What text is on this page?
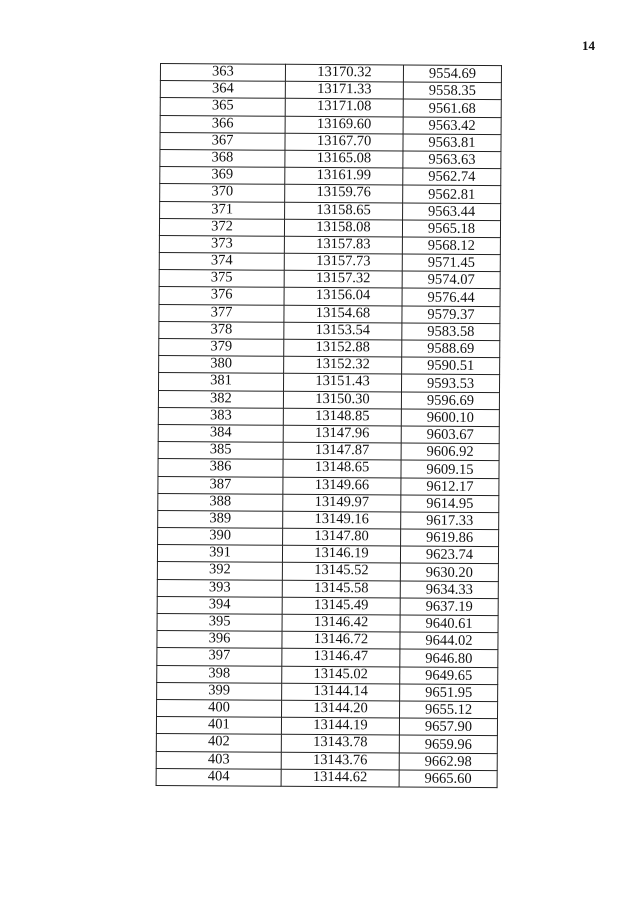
14
363	13170.32	9554.69
364	13171.33	9558.35
365	13171.08	9561.68
366	13169.60	9563.42
367	13167.70	9563.81
368	13165.08	9563.63
369	13161.99	9562.74
370	13159.76	9562.81
371	13158.65	9563.44
372	13158.08	9565.18
373	13157.83	9568.12
374	13157.73	9571.45
375	13157.32	9574.07
376	13156.04	9576.44
377	13154.68	9579.37
378	13153.54	9583.58
379	13152.88	9588.69
380	13152.32	9590.51
381	13151.43	9593.53
382	13150.30	9596.69
383	13148.85	9600.10
384	13147.96	9603.67
385	13147.87	9606.92
386	13148.65	9609.15
387	13149.66	9612.17
388	13149.97	9614.95
389	13149.16	9617.33
390	13147.80	9619.86
391	13146.19	9623.74
392	13145.52	9630.20
393	13145.58	9634.33
394	13145.49	9637.19
395	13146.42	9640.61
396	13146.72	9644.02
397	13146.47	9646.80
398	13145.02	9649.65
399	13144.14	9651.95
400	13144.20	9655.12
401	13144.19	9657.90
402	13143.78	9659.96
403	13143.76	9662.98
404	13144.62	9665.60
